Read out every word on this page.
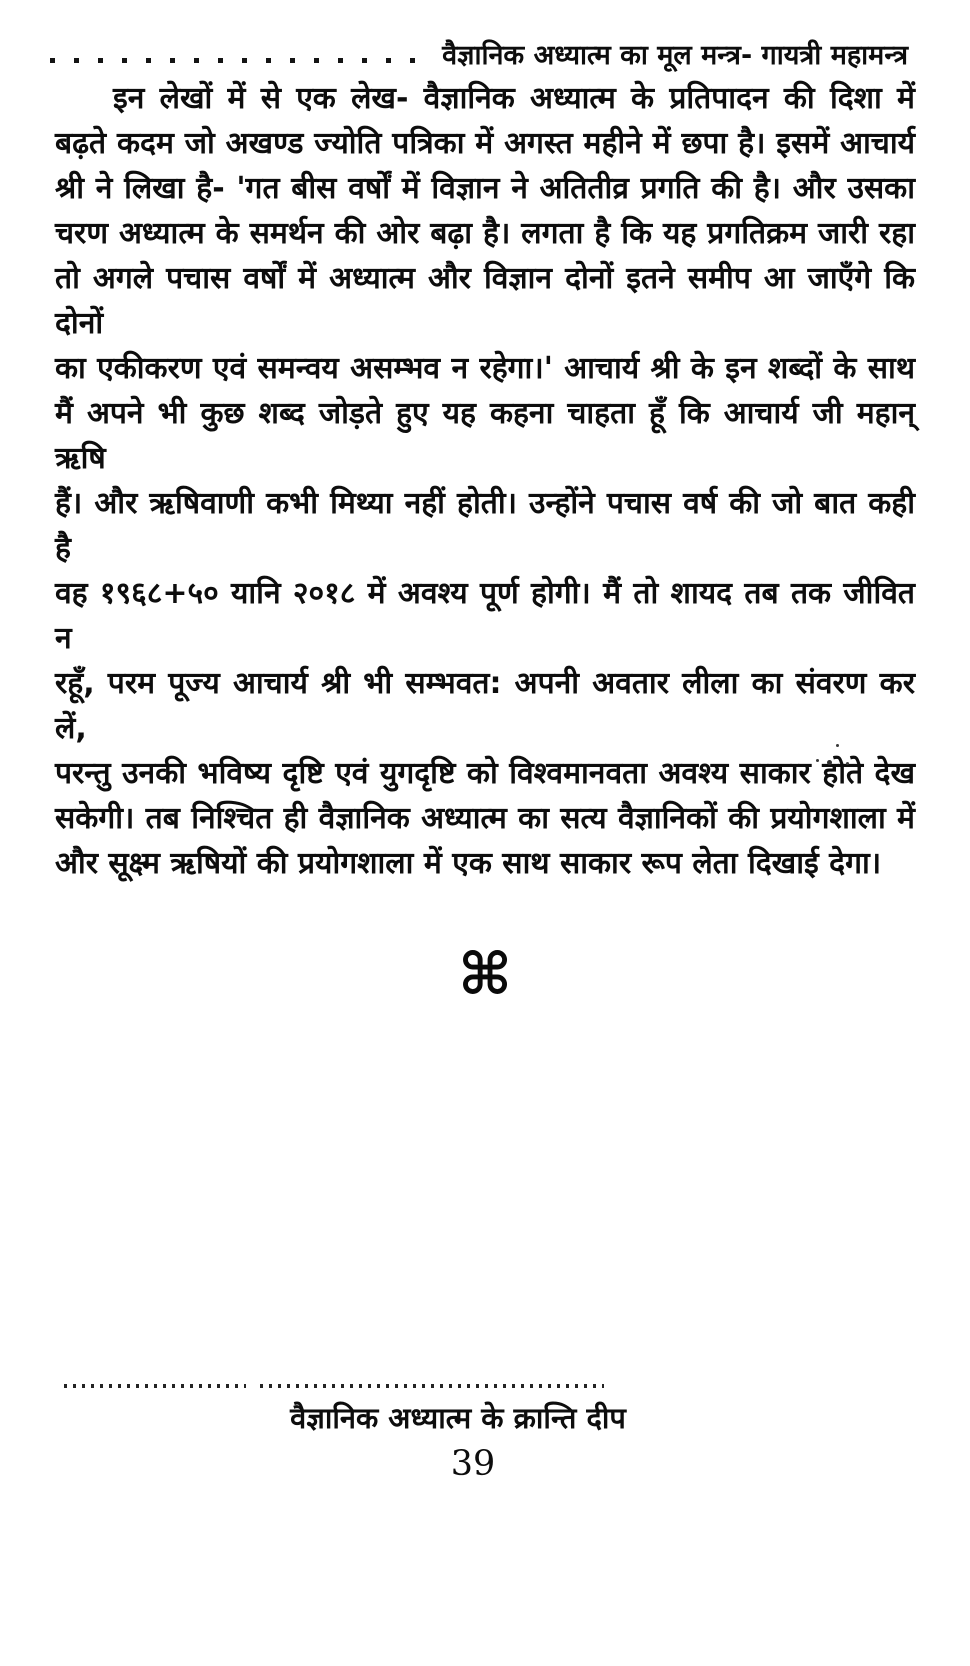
वैज्ञानिक अध्यात्म का मूल मन्त्र- गायत्री महामन्त्र
इन लेखों में से एक लेख- वैज्ञानिक अध्यात्म के प्रतिपादन की दिशा में
बढ़ते कदम जो अखण्ड ज्योति पत्रिका में अगस्त महीने में छपा है। इसमें आचार्य
श्री ने लिखा है- 'गत बीस वर्षों में विज्ञान ने अतितीव्र प्रगति की है। और उसका
चरण अध्यात्म के समर्थन की ओर बढ़ा है। लगता है कि यह प्रगतिक्रम जारी रहा
तो अगले पचास वर्षों में अध्यात्म और विज्ञान दोनों इतने समीप आ जाएँगे कि दोनों
का एकीकरण एवं समन्वय असम्भव न रहेगा।' आचार्य श्री के इन शब्दों के साथ
मैं अपने भी कुछ शब्द जोड़ते हुए यह कहना चाहता हूँ कि आचार्य जी महान् ऋषि
हैं। और ऋषिवाणी कभी मिथ्या नहीं होती। उन्होंने पचास वर्ष की जो बात कही है
वह १९६८+५० यानि २०१८ में अवश्य पूर्ण होगी। मैं तो शायद तब तक जीवित न
रहूँ, परम पूज्य आचार्य श्री भी सम्भवत: अपनी अवतार लीला का संवरण कर लें,
परन्तु उनकी भविष्य दृष्टि एवं युगदृष्टि को विश्वमानवता अवश्य साकार होते देख
सकेगी। तब निश्चित ही वैज्ञानिक अध्यात्म का सत्य वैज्ञानिकों की प्रयोगशाला में
और सूक्ष्म ऋषियों की प्रयोगशाला में एक साथ साकार रूप लेता दिखाई देगा।
⌘
वैज्ञानिक अध्यात्म के क्रान्ति दीप
39
